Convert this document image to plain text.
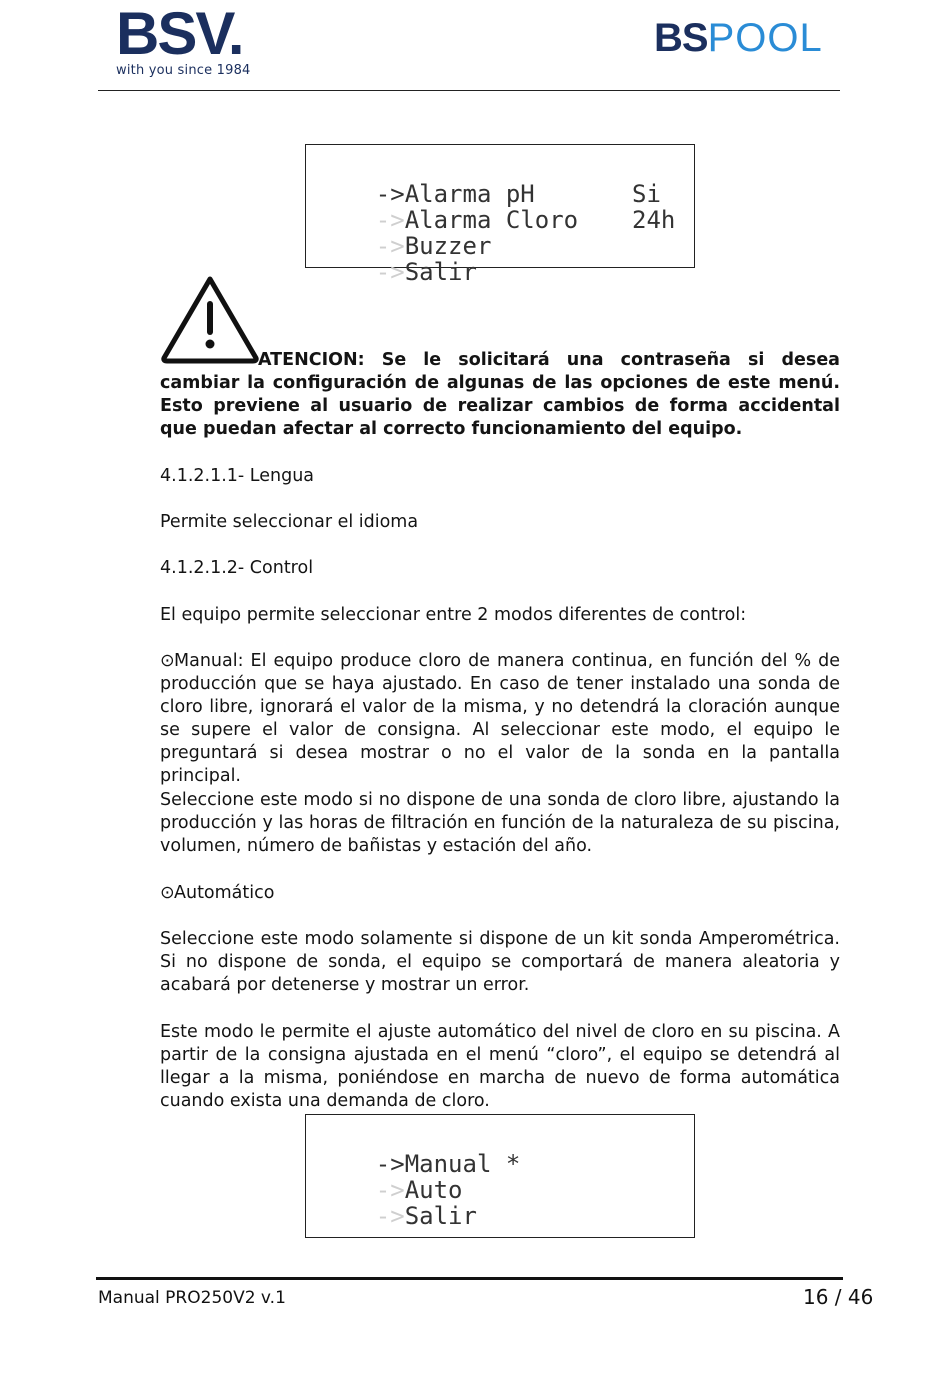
BSV.
with you since 1984
BSPOOL

->Alarma pH

->Alarma Cloro

Si

->Buzzer

24h

->Salir

ATENCION: Se le solicitará una contraseña si desea cambiar la configuración de algunas de las opciones de este menú. Esto previene al usuario de realizar cambios de forma accidental que puedan afectar al correcto funcionamiento del equipo.
4.1.2.1.1- Lengua
Permite seleccionar el idioma
4.1.2.1.2- Control
El equipo permite seleccionar entre 2 modos diferentes de control:
⊙Manual: El equipo produce cloro de manera continua, en función del % de producción que se haya ajustado. En caso de tener instalado una sonda de cloro libre, ignorará el valor de la misma, y no detendrá la cloración aunque se supere el valor de consigna. Al seleccionar este modo, el equipo le preguntará si desea mostrar o no el valor de la sonda en la pantalla principal.
Seleccione este modo si no dispone de una sonda de cloro libre, ajustando la producción y las horas de filtración en función de la naturaleza de su piscina, volumen, número de bañistas y estación del año.
⊙Automático
Seleccione este modo solamente si dispone de un kit sonda Amperométrica. Si no dispone de sonda, el equipo se comportará de manera aleatoria y acabará por detenerse y mostrar un error.
Este modo le permite el ajuste automático del nivel de cloro en su piscina. A partir de la consigna ajustada en el menú “cloro”, el equipo se detendrá al llegar a la misma, poniéndose en marcha de nuevo de forma automática cuando exista una demanda de cloro.

->Manual *

->Auto

->Salir

Manual PRO250V2 v.1	16 / 46
